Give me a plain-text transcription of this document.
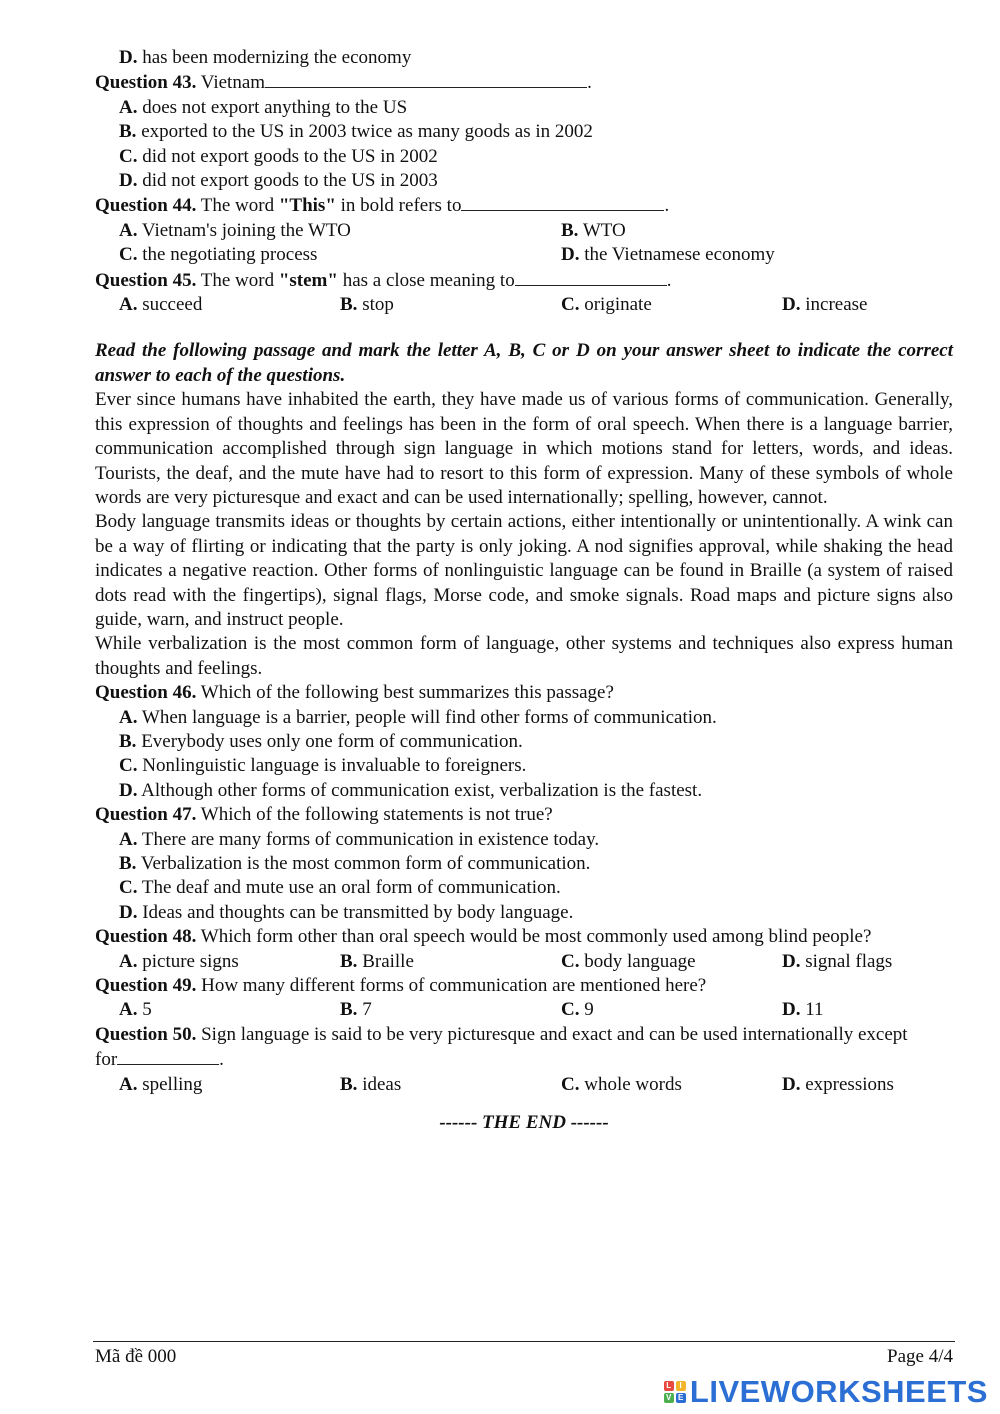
D. has been modernizing the economy
Question 43. Vietnam	.
A. does not export anything to the US
B. exported to the US in 2003 twice as many goods as in 2002
C. did not export goods to the US in 2002
D. did not export goods to the US in 2003
Question 44. The word "This" in bold refers to	.
A. Vietnam's joining the WTO	B. WTO
C. the negotiating process	D. the Vietnamese economy
Question 45. The word "stem" has a close meaning to	.
A. succeed	B. stop	C. originate	D. increase
Read the following passage and mark the letter A, B, C or D on your answer sheet to indicate the correct answer to each of the questions.
Ever since humans have inhabited the earth, they have made us of various forms of communication. Generally, this expression of thoughts and feelings has been in the form of oral speech. When there is a language barrier, communication accomplished through sign language in which motions stand for letters, words, and ideas. Tourists, the deaf, and the mute have had to resort to this form of expression. Many of these symbols of whole words are very picturesque and exact and can be used internationally; spelling, however, cannot.
Body language transmits ideas or thoughts by certain actions, either intentionally or unintentionally. A wink can be a way of flirting or indicating that the party is only joking. A nod signifies approval, while shaking the head indicates a negative reaction. Other forms of nonlinguistic language can be found in Braille (a system of raised dots read with the fingertips), signal flags, Morse code, and smoke signals. Road maps and picture signs also guide, warn, and instruct people.
While verbalization is the most common form of language, other systems and techniques also express human thoughts and feelings.
Question 46. Which of the following best summarizes this passage?
A. When language is a barrier, people will find other forms of communication.
B. Everybody uses only one form of communication.
C. Nonlinguistic language is invaluable to foreigners.
D. Although other forms of communication exist, verbalization is the fastest.
Question 47. Which of the following statements is not true?
A. There are many forms of communication in existence today.
B. Verbalization is the most common form of communication.
C. The deaf and mute use an oral form of communication.
D. Ideas and thoughts can be transmitted by body language.
Question 48. Which form other than oral speech would be most commonly used among blind people?
A. picture signs	B. Braille	C. body language	D. signal flags
Question 49. How many different forms of communication are mentioned here?
A. 5	B. 7	C. 9	D. 11
Question 50. Sign language is said to be very picturesque and exact and can be used internationally except
for	.
A. spelling	B. ideas	C. whole words	D. expressions
------ THE END ------
Mã đề 000	Page 4/4
L I
V E LIVEWORKSHEETS
